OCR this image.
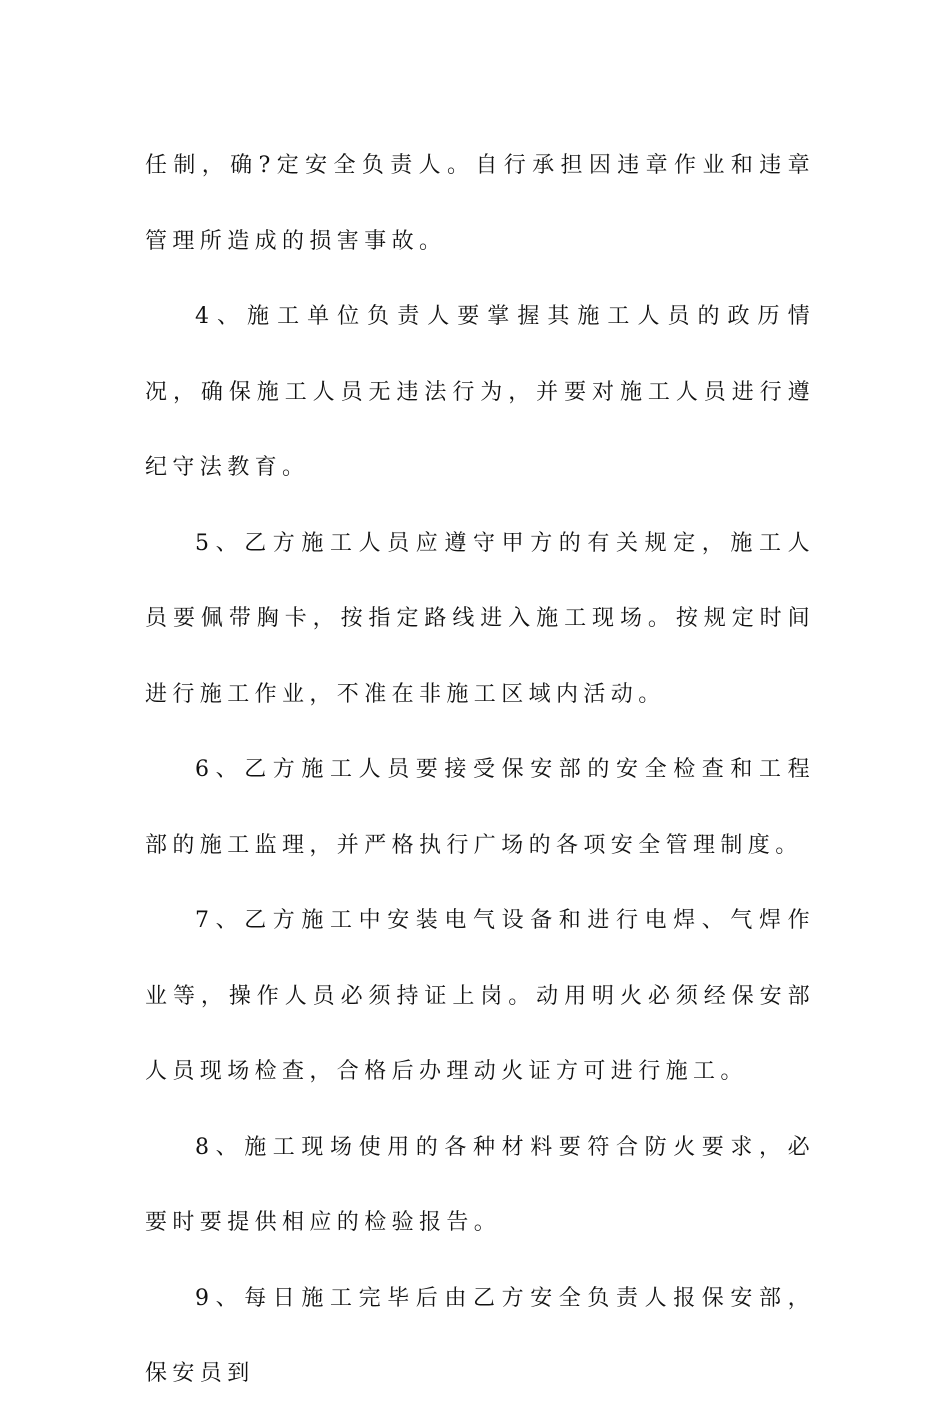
任制，确?定安全负责人。自行承担因违章作业和违章管理所造成的损害事故。

4、施工单位负责人要掌握其施工人员的政历情况，确保施工人员无违法行为，并要对施工人员进行遵纪守法教育。

5、乙方施工人员应遵守甲方的有关规定，施工人员要佩带胸卡，按指定路线进入施工现场。按规定时间进行施工作业，不准在非施工区域内活动。

6、乙方施工人员要接受保安部的安全检查和工程部的施工监理，并严格执行广场的各项安全管理制度。

7、乙方施工中安装电气设备和进行电焊、气焊作业等，操作人员必须持证上岗。动用明火必须经保安部人员现场检查，合格后办理动火证方可进行施工。

8、施工现场使用的各种材料要符合防火要求，必要时要提供相应的检验报告。

9、每日施工完毕后由乙方安全负责人报保安部，保安员到
